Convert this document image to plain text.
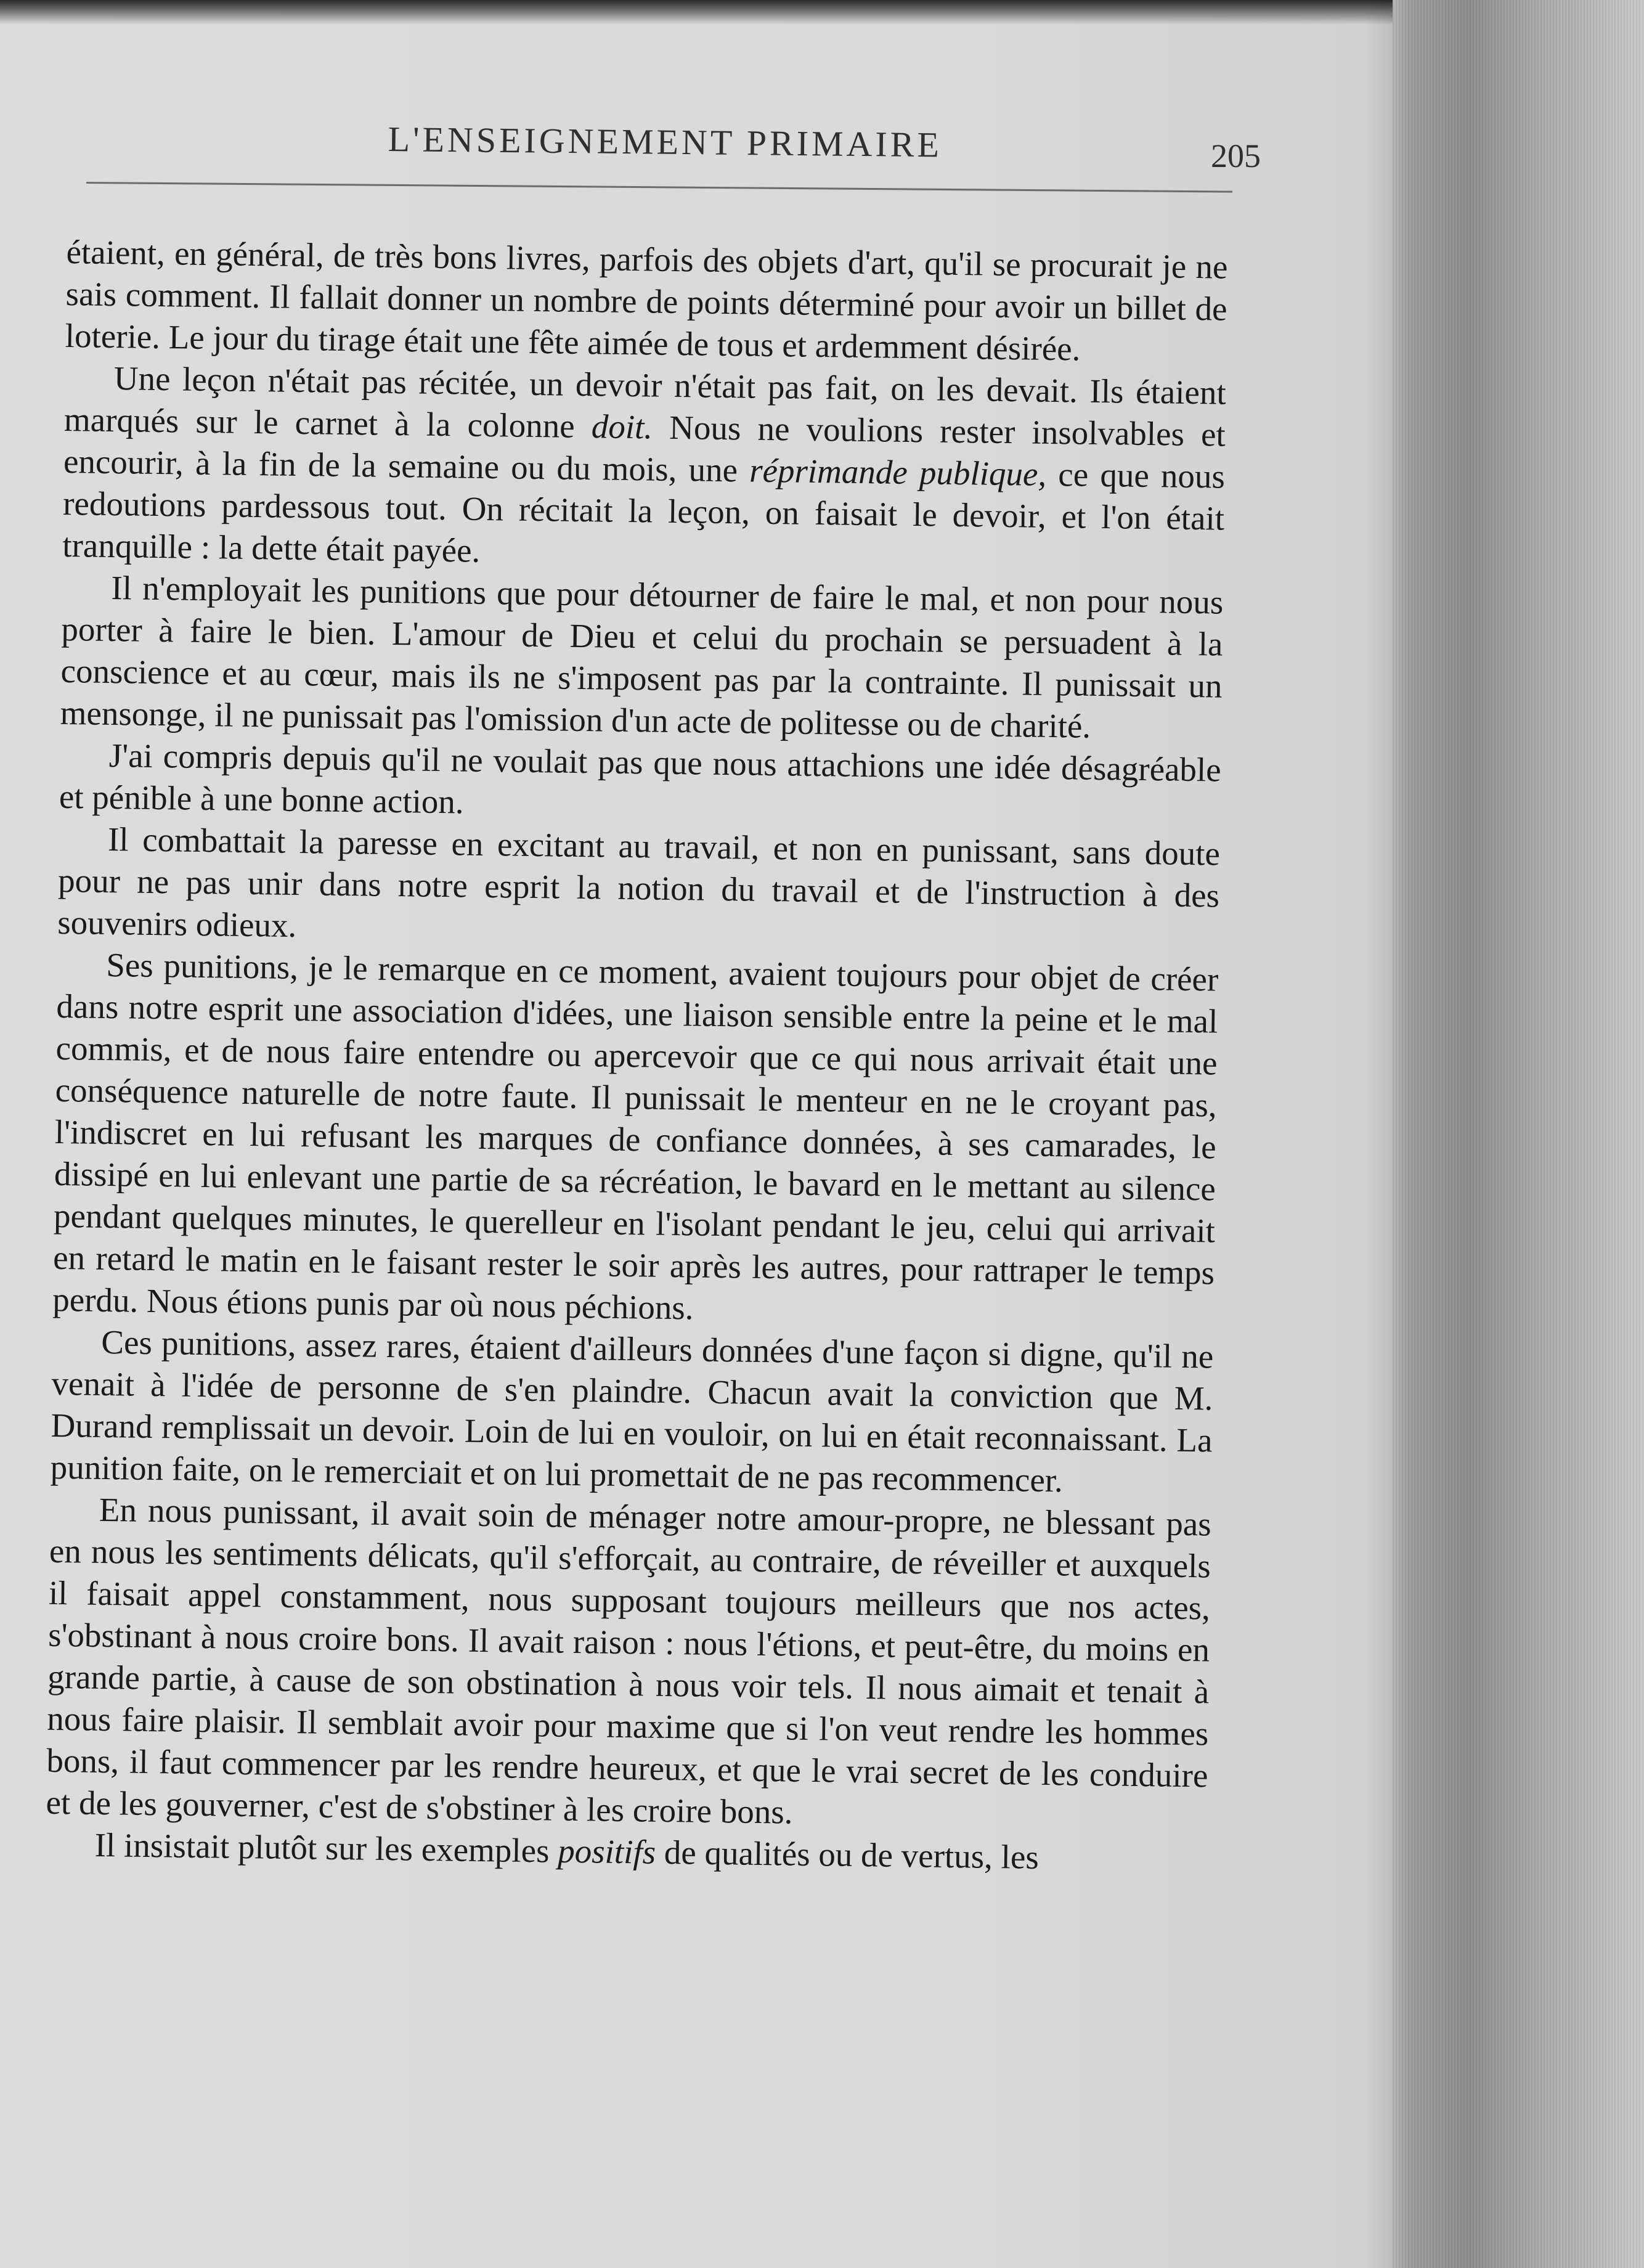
L'ENSEIGNEMENT PRIMAIRE	205

étaient, en général, de très bons livres, parfois des objets d'art, qu'il se procurait je ne sais comment. Il fallait donner un nombre de points déterminé pour avoir un billet de loterie. Le jour du tirage était une fête aimée de tous et ardemment désirée.

Une leçon n'était pas récitée, un devoir n'était pas fait, on les devait. Ils étaient marqués sur le carnet à la colonne doit. Nous ne voulions rester insolvables et encourir, à la fin de la semaine ou du mois, une réprimande publique, ce que nous redoutions pardessous tout. On récitait la leçon, on faisait le devoir, et l'on était tranquille : la dette était payée.

Il n'employait les punitions que pour détourner de faire le mal, et non pour nous porter à faire le bien. L'amour de Dieu et celui du prochain se persuadent à la conscience et au cœur, mais ils ne s'imposent pas par la contrainte. Il punissait un mensonge, il ne punissait pas l'omission d'un acte de politesse ou de charité.

J'ai compris depuis qu'il ne voulait pas que nous attachions une idée désagréable et pénible à une bonne action.

Il combattait la paresse en excitant au travail, et non en punissant, sans doute pour ne pas unir dans notre esprit la notion du travail et de l'instruction à des souvenirs odieux.

Ses punitions, je le remarque en ce moment, avaient toujours pour objet de créer dans notre esprit une association d'idées, une liaison sensible entre la peine et le mal commis, et de nous faire entendre ou apercevoir que ce qui nous arrivait était une conséquence naturelle de notre faute. Il punissait le menteur en ne le croyant pas, l'indiscret en lui refusant les marques de confiance données, à ses camarades, le dissipé en lui enlevant une partie de sa récréation, le bavard en le mettant au silence pendant quelques minutes, le querelleur en l'isolant pendant le jeu, celui qui arrivait en retard le matin en le faisant rester le soir après les autres, pour rattraper le temps perdu. Nous étions punis par où nous péchions.

Ces punitions, assez rares, étaient d'ailleurs données d'une façon si digne, qu'il ne venait à l'idée de personne de s'en plaindre. Chacun avait la conviction que M. Durand remplissait un devoir. Loin de lui en vouloir, on lui en était reconnaissant. La punition faite, on le remerciait et on lui promettait de ne pas recommencer.

En nous punissant, il avait soin de ménager notre amour-propre, ne blessant pas en nous les sentiments délicats, qu'il s'efforçait, au contraire, de réveiller et auxquels il faisait appel constamment, nous supposant toujours meilleurs que nos actes, s'obstinant à nous croire bons. Il avait raison : nous l'étions, et peut-être, du moins en grande partie, à cause de son obstination à nous voir tels. Il nous aimait et tenait à nous faire plaisir. Il semblait avoir pour maxime que si l'on veut rendre les hommes bons, il faut commencer par les rendre heureux, et que le vrai secret de les conduire et de les gouverner, c'est de s'obstiner à les croire bons.

Il insistait plutôt sur les exemples positifs de qualités ou de vertus, les
